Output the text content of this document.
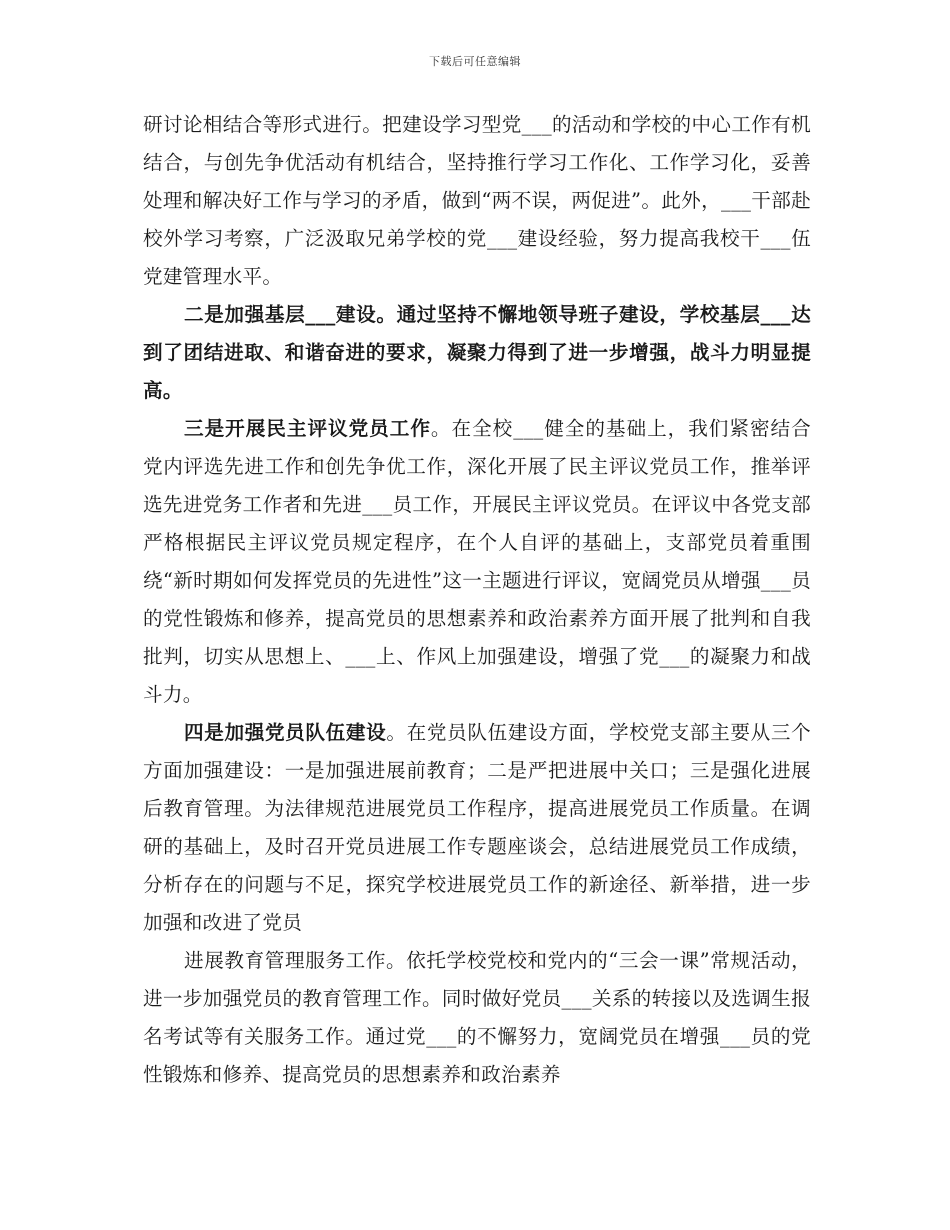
下载后可任意编辑

研讨论相结合等形式进行。把建设学习型党___的活动和学校的中心工作有机结合，与创先争优活动有机结合，坚持推行学习工作化、工作学习化，妥善处理和解决好工作与学习的矛盾，做到“两不误，两促进”。此外，___干部赴校外学习考察，广泛汲取兄弟学校的党___建设经验，努力提高我校干___伍党建管理水平。

二是加强基层___建设。通过坚持不懈地领导班子建设，学校基层___达到了团结进取、和谐奋进的要求，凝聚力得到了进一步增强，战斗力明显提高。

三是开展民主评议党员工作。在全校___健全的基础上，我们紧密结合党内评选先进工作和创先争优工作，深化开展了民主评议党员工作，推举评选先进党务工作者和先进___员工作，开展民主评议党员。在评议中各党支部严格根据民主评议党员规定程序，在个人自评的基础上，支部党员着重围绕“新时期如何发挥党员的先进性”这一主题进行评议，宽阔党员从增强___员的党性锻炼和修养，提高党员的思想素养和政治素养方面开展了批判和自我批判，切实从思想上、___上、作风上加强建设，增强了党___的凝聚力和战斗力。

四是加强党员队伍建设。在党员队伍建设方面，学校党支部主要从三个方面加强建设：一是加强进展前教育；二是严把进展中关口；三是强化进展后教育管理。为法律规范进展党员工作程序，提高进展党员工作质量。在调研的基础上，及时召开党员进展工作专题座谈会，总结进展党员工作成绩，分析存在的问题与不足，探究学校进展党员工作的新途径、新举措，进一步加强和改进了党员

进展教育管理服务工作。依托学校党校和党内的“三会一课”常规活动，进一步加强党员的教育管理工作。同时做好党员___关系的转接以及选调生报名考试等有关服务工作。通过党___的不懈努力，宽阔党员在增强___员的党性锻炼和修养、提高党员的思想素养和政治素养
